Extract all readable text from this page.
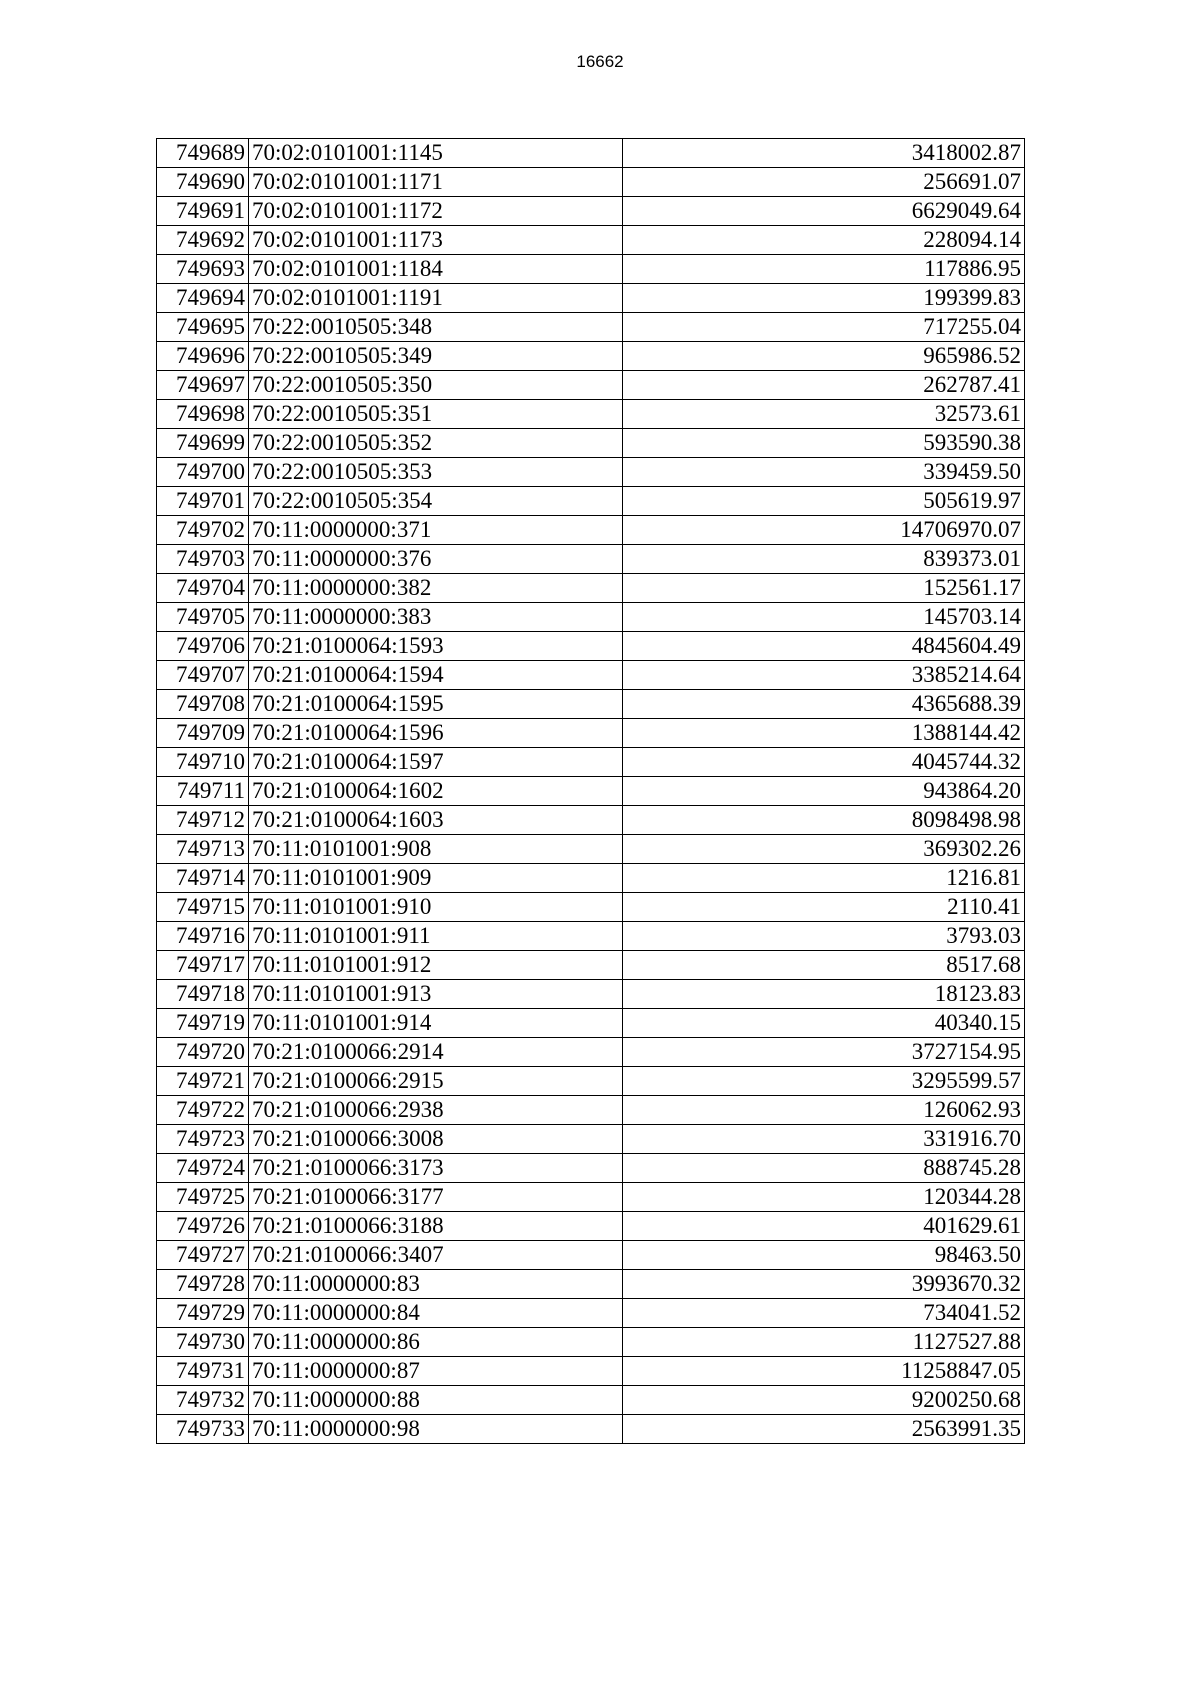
16662
749689	70:02:0101001:1145	3418002.87
749690	70:02:0101001:1171	256691.07
749691	70:02:0101001:1172	6629049.64
749692	70:02:0101001:1173	228094.14
749693	70:02:0101001:1184	117886.95
749694	70:02:0101001:1191	199399.83
749695	70:22:0010505:348	717255.04
749696	70:22:0010505:349	965986.52
749697	70:22:0010505:350	262787.41
749698	70:22:0010505:351	32573.61
749699	70:22:0010505:352	593590.38
749700	70:22:0010505:353	339459.50
749701	70:22:0010505:354	505619.97
749702	70:11:0000000:371	14706970.07
749703	70:11:0000000:376	839373.01
749704	70:11:0000000:382	152561.17
749705	70:11:0000000:383	145703.14
749706	70:21:0100064:1593	4845604.49
749707	70:21:0100064:1594	3385214.64
749708	70:21:0100064:1595	4365688.39
749709	70:21:0100064:1596	1388144.42
749710	70:21:0100064:1597	4045744.32
749711	70:21:0100064:1602	943864.20
749712	70:21:0100064:1603	8098498.98
749713	70:11:0101001:908	369302.26
749714	70:11:0101001:909	1216.81
749715	70:11:0101001:910	2110.41
749716	70:11:0101001:911	3793.03
749717	70:11:0101001:912	8517.68
749718	70:11:0101001:913	18123.83
749719	70:11:0101001:914	40340.15
749720	70:21:0100066:2914	3727154.95
749721	70:21:0100066:2915	3295599.57
749722	70:21:0100066:2938	126062.93
749723	70:21:0100066:3008	331916.70
749724	70:21:0100066:3173	888745.28
749725	70:21:0100066:3177	120344.28
749726	70:21:0100066:3188	401629.61
749727	70:21:0100066:3407	98463.50
749728	70:11:0000000:83	3993670.32
749729	70:11:0000000:84	734041.52
749730	70:11:0000000:86	1127527.88
749731	70:11:0000000:87	11258847.05
749732	70:11:0000000:88	9200250.68
749733	70:11:0000000:98	2563991.35
